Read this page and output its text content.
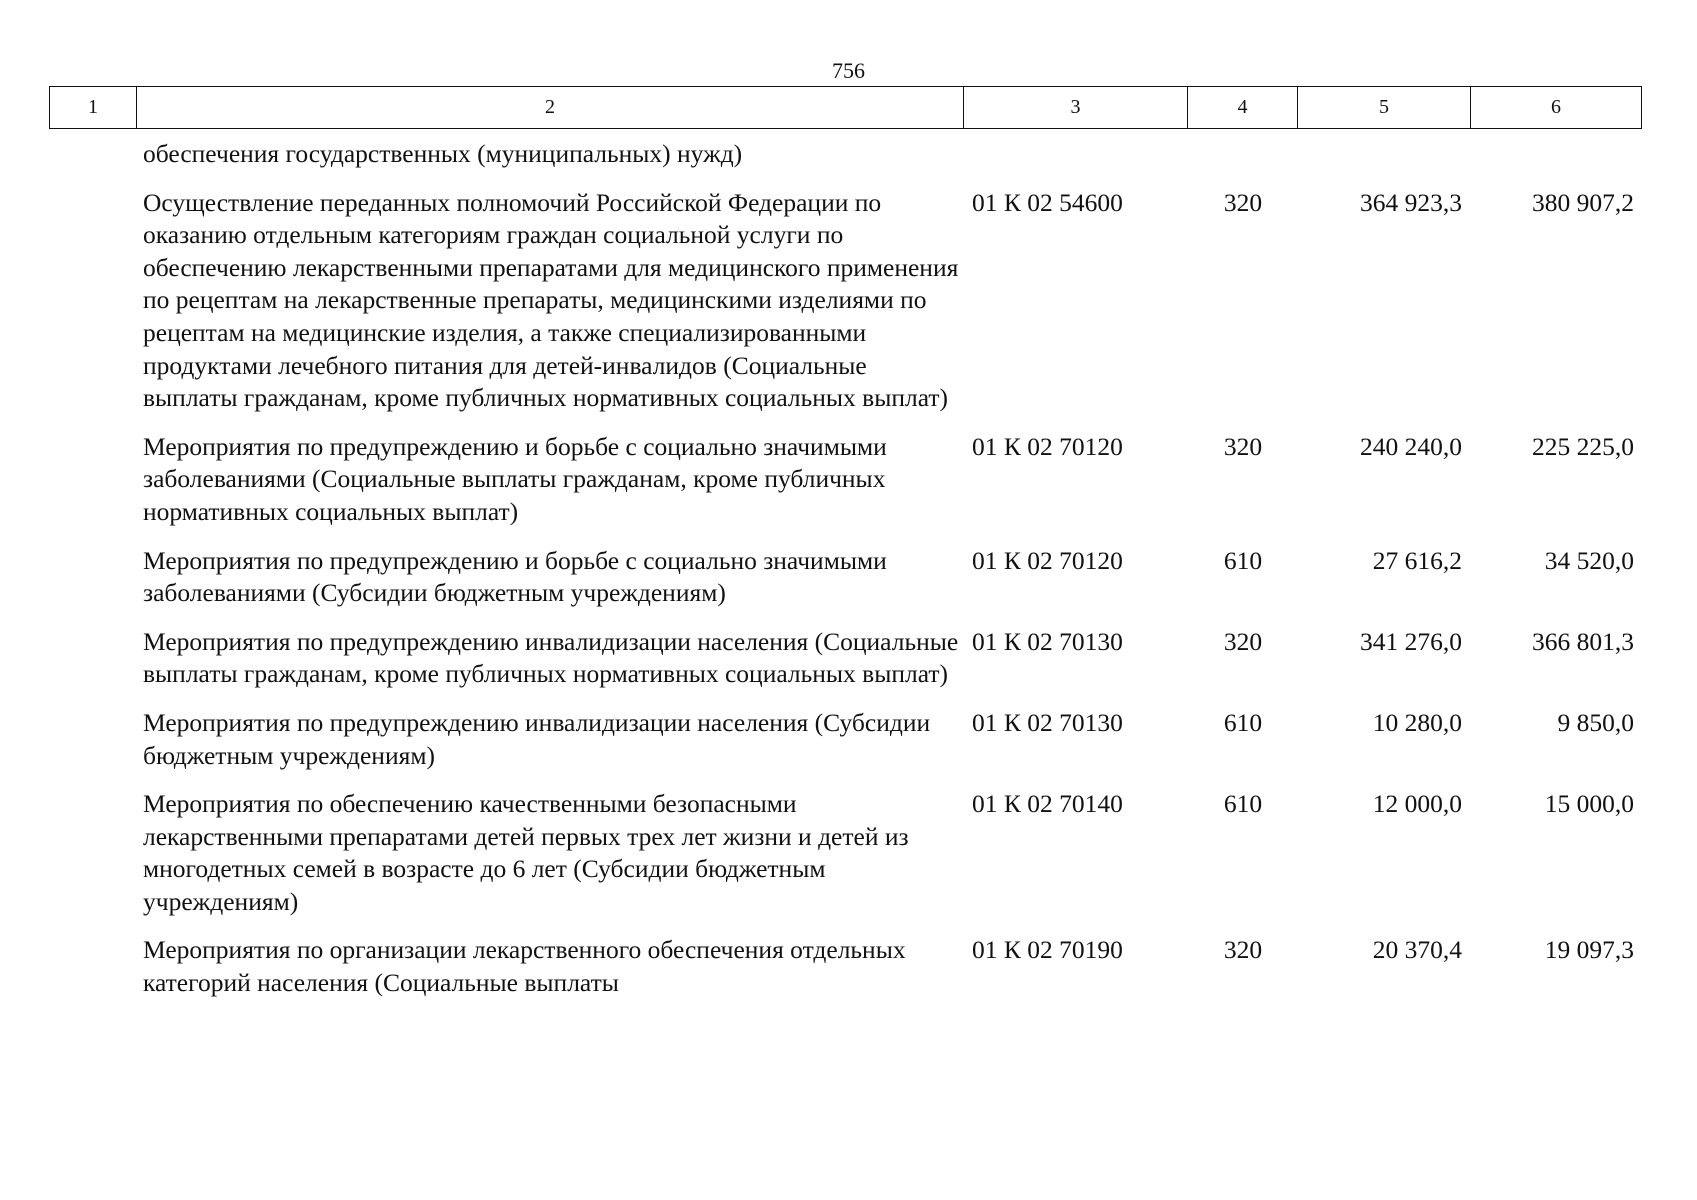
756
1	2	3	4	5	6
обеспечения государственных (муниципальных) нужд)
Осуществление переданных полномочий Российской Федерации по оказанию отдельным категориям граждан социальной услуги по обеспечению лекарственными препаратами для медицинского применения по рецептам на лекарственные препараты, медицинскими изделиями по рецептам на медицинские изделия, а также специализированными продуктами лечебного питания для детей-инвалидов (Социальные выплаты гражданам, кроме публичных нормативных социальных выплат)
01 К 02 54600	320	364 923,3	380 907,2
Мероприятия по предупреждению и борьбе с социально значимыми заболеваниями (Социальные выплаты гражданам, кроме публичных нормативных социальных выплат)
01 К 02 70120	320	240 240,0	225 225,0
Мероприятия по предупреждению и борьбе с социально значимыми заболеваниями (Субсидии бюджетным учреждениям)
01 К 02 70120	610	27 616,2	34 520,0
Мероприятия по предупреждению инвалидизации населения (Социальные выплаты гражданам, кроме публичных нормативных социальных выплат)
01 К 02 70130	320	341 276,0	366 801,3
Мероприятия по предупреждению инвалидизации населения (Субсидии бюджетным учреждениям)
01 К 02 70130	610	10 280,0	9 850,0
Мероприятия по обеспечению качественными безопасными лекарственными препаратами детей первых трех лет жизни и детей из многодетных семей в возрасте до 6 лет (Субсидии бюджетным учреждениям)
01 К 02 70140	610	12 000,0	15 000,0
Мероприятия по организации лекарственного обеспечения отдельных категорий населения (Социальные выплаты
01 К 02 70190	320	20 370,4	19 097,3
